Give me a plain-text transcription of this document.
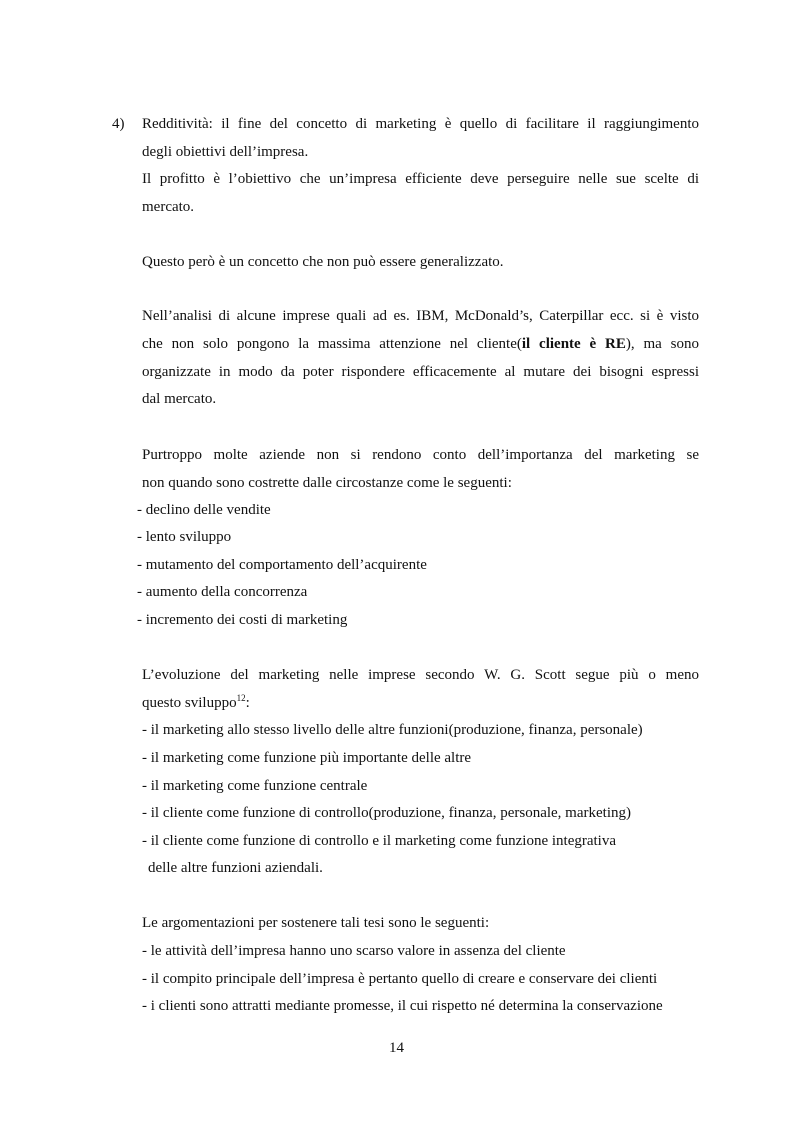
4) Redditività: il fine del concetto di marketing è quello di facilitare il raggiungimento
degli obiettivi dell’impresa.
Il profitto è l’obiettivo che un’impresa efficiente deve perseguire nelle sue scelte di
mercato.
Questo però è un concetto che non può essere generalizzato.
Nell’analisi di alcune imprese quali ad es. IBM, McDonald’s, Caterpillar ecc. si è visto
che non solo pongono la massima attenzione nel cliente(il cliente è RE), ma sono
organizzate in modo da poter rispondere efficacemente al mutare dei bisogni espressi
dal mercato.
Purtroppo molte aziende non si rendono conto dell’importanza del marketing se
non quando sono costrette dalle circostanze come le seguenti:
- declino delle vendite
- lento sviluppo
- mutamento del comportamento dell’acquirente
- aumento della concorrenza
- incremento dei costi di marketing
L’evoluzione del marketing nelle imprese secondo W. G. Scott segue più o meno
questo sviluppo$^{12}$:
- il marketing allo stesso livello delle altre funzioni(produzione, finanza, personale)
- il marketing come funzione più importante delle altre
- il marketing come funzione centrale
- il cliente come funzione di controllo(produzione, finanza, personale, marketing)
- il cliente come funzione di controllo e il marketing come funzione integrativa
delle altre funzioni aziendali.
Le argomentazioni per sostenere tali tesi sono le seguenti:
- le attività dell’impresa hanno uno scarso valore in assenza del cliente
- il compito principale dell’impresa è pertanto quello di creare e conservare dei clienti
- i clienti sono attratti mediante promesse, il cui rispetto né determina la conservazione
14
